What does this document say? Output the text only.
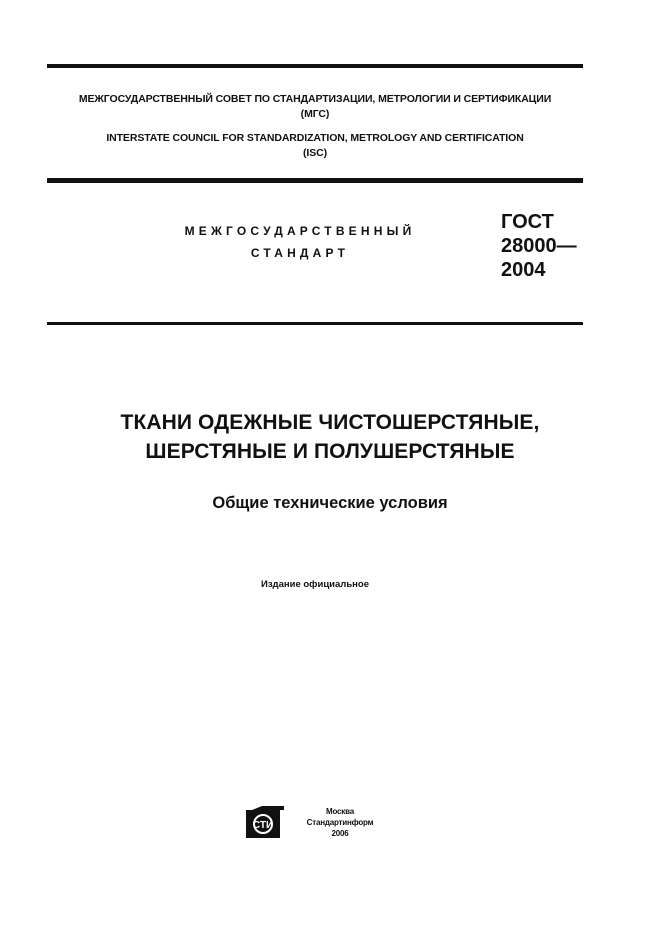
МЕЖГОСУДАРСТВЕННЫЙ СОВЕТ ПО СТАНДАРТИЗАЦИИ, МЕТРОЛОГИИ И СЕРТИФИКАЦИИ
(МГС)
INTERSTATE COUNCIL FOR STANDARDIZATION, METROLOGY AND CERTIFICATION
(ISC)
МЕЖГОСУДАРСТВЕННЫЙ
СТАНДАРТ
ГОСТ
28000—
2004
ТКАНИ ОДЕЖНЫЕ ЧИСТОШЕРСТЯНЫЕ,
ШЕРСТЯНЫЕ И ПОЛУШЕРСТЯНЫЕ
Общие технические условия
Издание официальное
СТИ
Москва
Стандартинформ
2006
